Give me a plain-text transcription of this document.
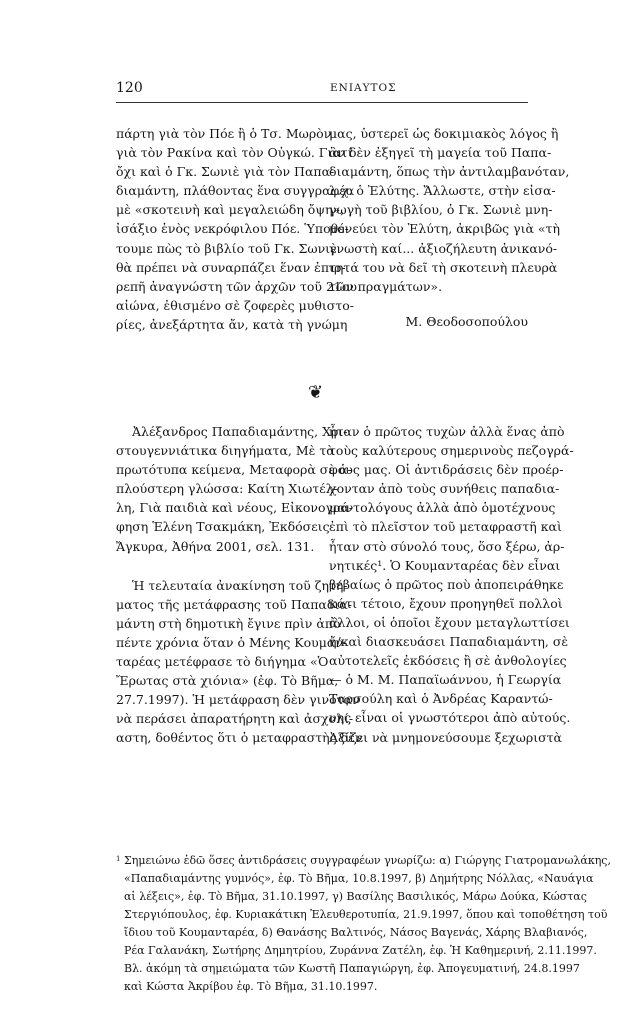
120	ΕΝΙΑΥΤΟΣ
πάρτη γιὰ τὸν Πόε ἢ ὁ Τσ. Μωρὸν
γιὰ τὸν Ρακίνα καὶ τὸν Οὐγκώ. Γιατί
ὄχι καὶ ὁ Γκ. Σωνιὲ γιὰ τὸν Παπα-
διαμάντη, πλάθοντας ἕνα συγγραφέα
μὲ «σκοτεινὴ καὶ μεγαλειώδη ὄψη»,
ἰσάξιο ἑνὸς νεκρόφιλου Πόε. Ὑποθέ-
τουμε πὼς τὸ βιβλίο τοῦ Γκ. Σωνιὲ
θὰ πρέπει νὰ συναρπάζει ἕναν ἐπιρ-
ρεπῆ ἀναγνώστη τῶν ἀρχῶν τοῦ 21ου
αἰώνα, ἐθισμένο σὲ ζοφερὲς μυθιστο-
ρίες, ἀνεξάρτητα ἄν, κατὰ τὴ γνώμη
μας, ὑστερεῖ ὡς δοκιμιακὸς λόγος ἢ
ἂν δὲν ἐξηγεῖ τὴ μαγεία τοῦ Παπα-
διαμάντη, ὅπως τὴν ἀντιλαμβανόταν,
λ.χ. ὁ Ἐλύτης. Ἄλλωστε, στὴν εἰσα-
γωγὴ τοῦ βιβλίου, ὁ Γκ. Σωνιὲ μνη-
μονεύει τὸν Ἐλύτη, ἀκριβῶς γιὰ «τὴ
γνωστὴ καί... ἀξιοζήλευτη ἀνικανό-
τητά του νὰ δεῖ τὴ σκοτεινὴ πλευρὰ
τῶν πραγμάτων».
Μ. Θεοδοσοπούλου
❦
Ἀλέξανδρος Παπαδιαμάντης, Χρι-
στουγεννιάτικα διηγήματα, Μὲ τὰ
πρωτότυπα κείμενα, Μεταφορὰ σὲ ἁ-
πλούστερη γλώσσα: Καίτη Χιωτέλ-
λη, Γιὰ παιδιὰ καὶ νέους, Εἰκονογρά-
φηση Ἑλένη Τσακμάκη, Ἐκδόσεις
Ἄγκυρα, Ἀθήνα 2001, σελ. 131.
Ἡ τελευταία ἀνακίνηση τοῦ ζητή-
ματος τῆς μετάφρασης τοῦ Παπαδια-
μάντη στὴ δημοτικὴ ἔγινε πρὶν ἀπὸ
πέντε χρόνια ὅταν ὁ Μένης Κουμαν-
ταρέας μετέφρασε τὸ διήγημα «Ὁ
Ἔρωτας στὰ χιόνια» (ἐφ. Τὸ Βῆμα,
27.7.1997). Ἡ μετάφραση δὲν γινόταν
νὰ περάσει ἀπαρατήρητη καὶ ἀσχολί-
αστη, δοθέντος ὅτι ὁ μεταφραστὴς δὲν
ἦταν ὁ πρῶτος τυχὼν ἀλλὰ ἕνας ἀπὸ
τοὺς καλύτερους σημερινοὺς πεζογρά-
φους μας. Οἱ ἀντιδράσεις δὲν προέρ-
χονταν ἀπὸ τοὺς συνήθεις παπαδια-
μαντολόγους ἀλλὰ ἀπὸ ὁμοτέχνους
ἐπὶ τὸ πλεῖστον τοῦ μεταφραστῆ καὶ
ἦταν στὸ σύνολό τους, ὅσο ξέρω, ἀρ-
νητικές¹. Ὁ Κουμανταρέας δὲν εἶναι
βεβαίως ὁ πρῶτος ποὺ ἀποπειράθηκε
κάτι τέτοιο, ἔχουν προηγηθεῖ πολλοὶ
ἄλλοι, οἱ ὁποῖοι ἔχουν μεταγλωττίσει
ἤ/καὶ διασκευάσει Παπαδιαμάντη, σὲ
αὐτοτελεῖς ἐκδόσεις ἢ σὲ ἀνθολογίες
— ὁ Μ. Μ. Παπαϊωάννου, ἡ Γεωργία
Ταρσούλη καὶ ὁ Ἀνδρέας Καραντώ-
νης εἶναι οἱ γνωστότεροι ἀπὸ αὐτούς.
Ἀξίζει νὰ μνημονεύσουμε ξεχωριστὰ
$^1$ Σημειώνω ἐδῶ ὅσες ἀντιδράσεις συγγραφέων γνωρίζω: α) Γιώργης Γιατρομανωλάκης,
«Παπαδιαμάντης γυμνός», ἐφ. Τὸ Βῆμα, 10.8.1997, β) Δημήτρης Νόλλας, «Ναυάγια
αἱ λέξεις», ἐφ. Τὸ Βῆμα, 31.10.1997, γ) Βασίλης Βασιλικός, Μάρω Δούκα, Κώστας
Στεργιόπουλος, ἐφ. Κυριακάτικη Ἐλευθεροτυπία, 21.9.1997, ὅπου καὶ τοποθέτηση τοῦ
ἴδιου τοῦ Κουμανταρέα, δ) Θανάσης Βαλτινός, Νάσος Βαγενάς, Χάρης Βλαβιανός,
Ρέα Γαλανάκη, Σωτήρης Δημητρίου, Ζυράννα Ζατέλη, ἐφ. Ἡ Καθημερινή, 2.11.1997.
Βλ. ἀκόμη τὰ σημειώματα τῶν Κωστῆ Παπαγιώργη, ἐφ. Ἀπογευματινή, 24.8.1997
καὶ Κώστα Ἀκρίβου ἐφ. Τὸ Βῆμα, 31.10.1997.
